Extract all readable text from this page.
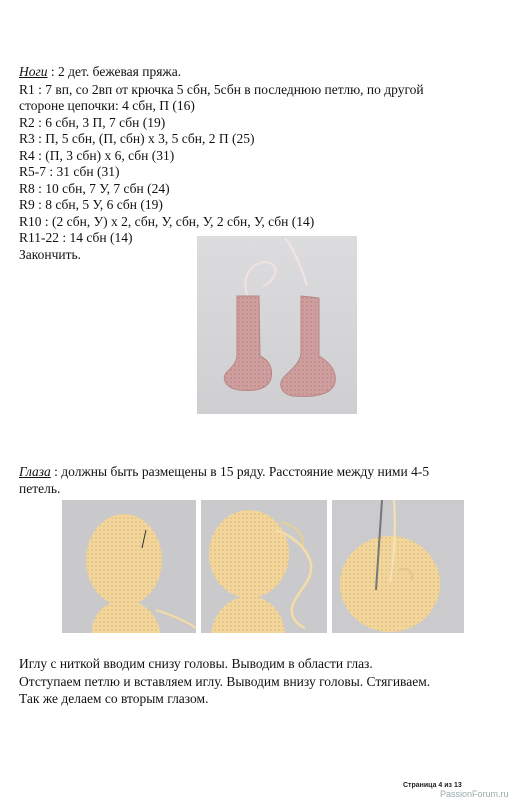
Ноги : 2 дет. бежевая пряжа.
R1 : 7 вп, со 2вп от крючка 5 сбн, 5сбн в последнюю петлю, по другой
стороне цепочки: 4 сбн, П (16)
R2 : 6 сбн, 3 П, 7 сбн (19)
R3 : П, 5 сбн, (П, сбн) x 3, 5 сбн, 2 П (25)
R4 : (П, 3 сбн) x 6, сбн (31)
R5-7 : 31 сбн (31)
R8 : 10 сбн, 7 У, 7 сбн (24)
R9 : 8 сбн, 5 У, 6 сбн (19)
R10 : (2 сбн, У) x 2, сбн, У, сбн, У, 2 сбн, У, сбн (14)
R11-22 : 14 сбн (14)
Закончить.
Глаза : должны быть размещены в 15 ряду. Расстояние между ними 4-5
петель.
Иглу с ниткой вводим снизу головы. Выводим в области глаз.
Отступаем петлю и вставляем иглу. Выводим внизу головы. Стягиваем.
Так же делаем со вторым глазом.
Страница 4 из 13
PassionForum.ru
